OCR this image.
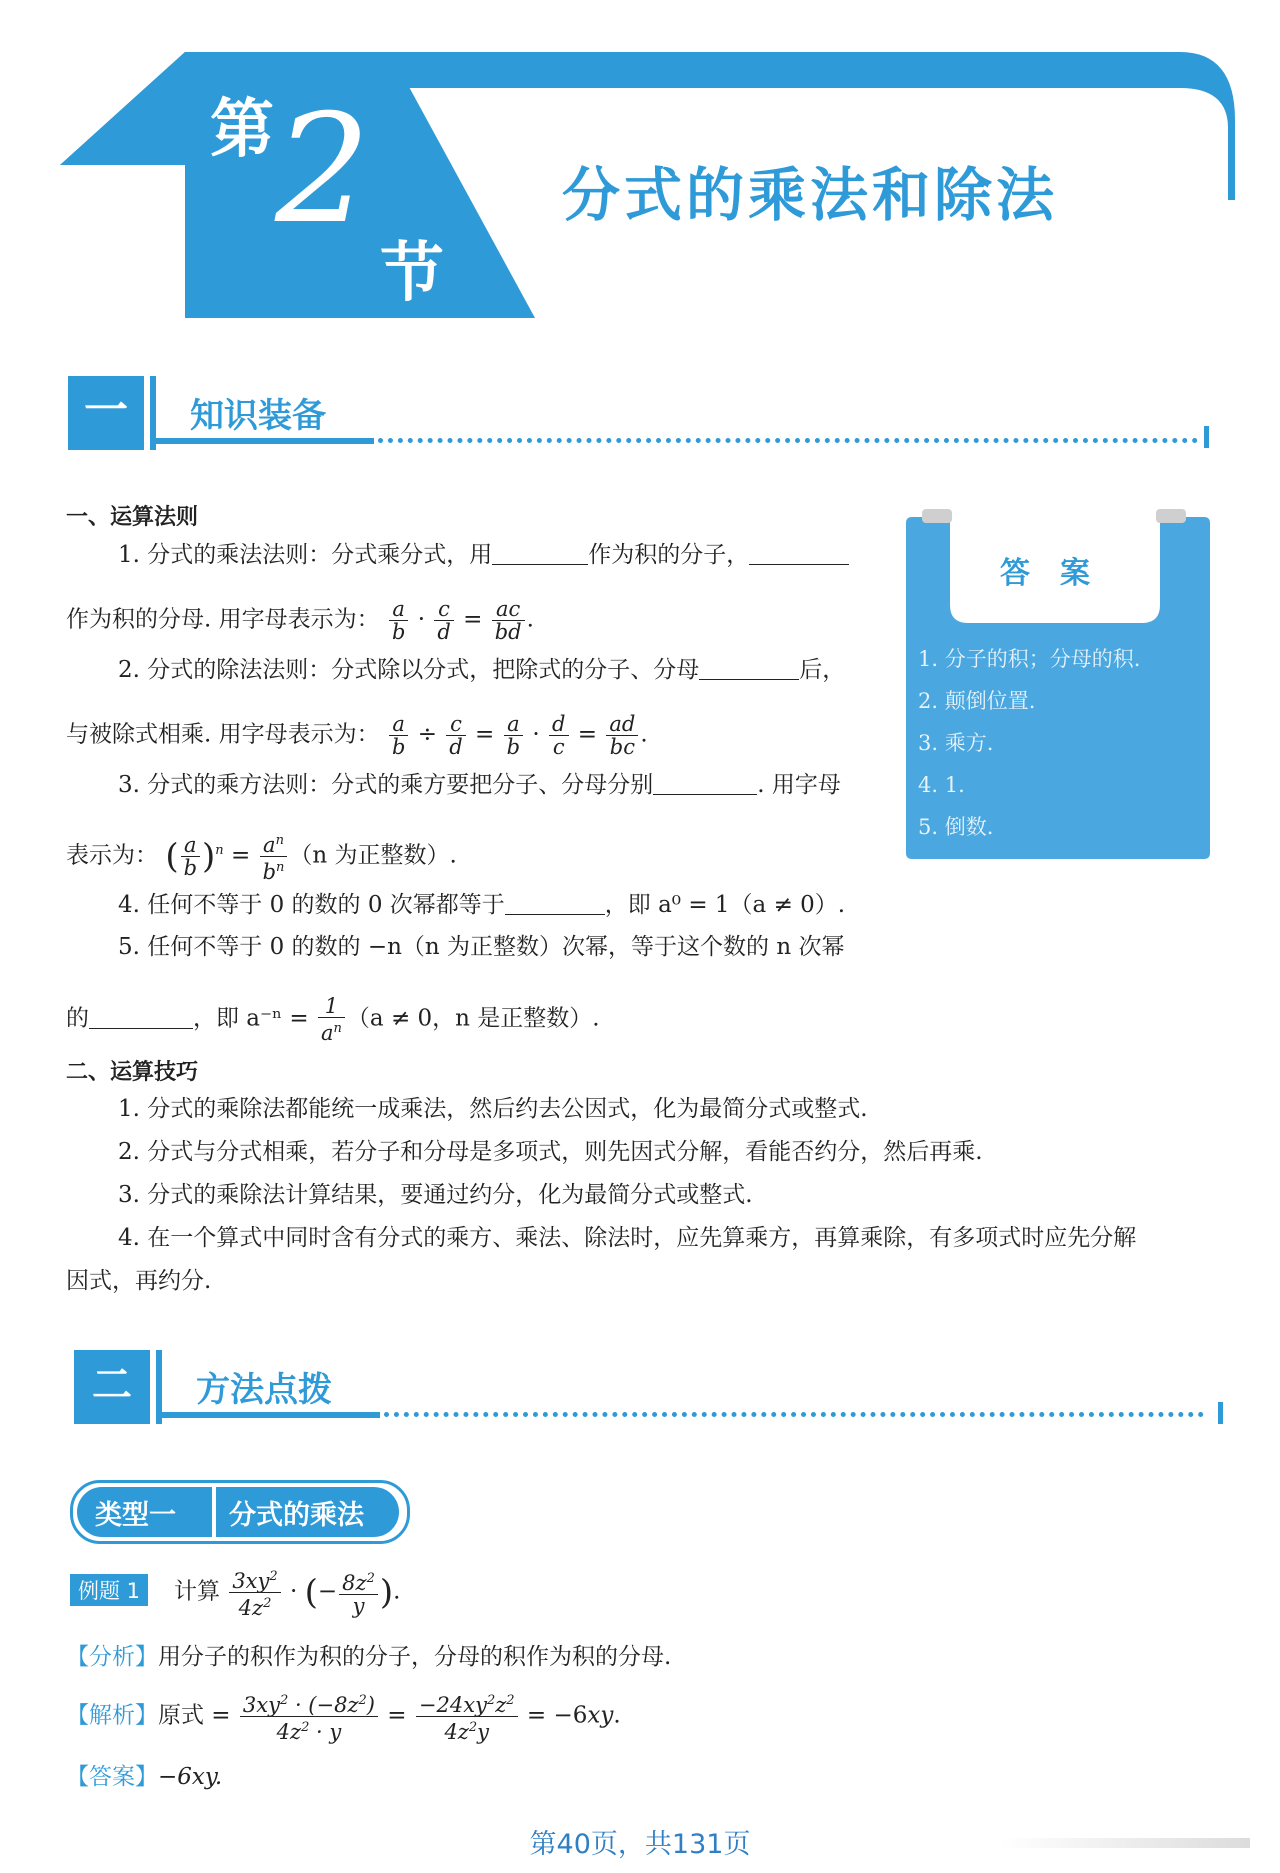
第 2
节
分式的乘法和除法
一	知识装备
一、运算法则
1. 分式的乘法法则：分式乘分式，用	作为积的分子，
作为积的分母. 用字母表示为： $\frac{a}{b} \cdot \frac{c}{d} = \frac{ac}{bd}$ .
2. 分式的除法法则：分式除以分式，把除式的分子、分母	后，
与被除式相乘. 用字母表示为： $\frac{a}{b} \div \frac{c}{d} = \frac{a}{b} \cdot \frac{d}{c} = \frac{ad}{bc}$ .
3. 分式的乘方法则：分式的乘方要把分子、分母分别	. 用字母
表示为： ( $\frac{a}{b} )^n = \frac{a^n}{b^n} (n$ 为正整数）.
4. 任何不等于 0 的数的 0 次幂都等于	，即 a⁰ = 1（a ≠ 0）.
5. 任何不等于 0 的数的 −n（n 为正整数）次幂，等于这个数的 n 次幂
的	，即 $a^{-n} = \frac{1}{a^n} (a \ne 0$，n 是正整数）.
答　案
1. 分子的积；分母的积.
2. 颠倒位置.
3. 乘方.
4. 1.
5. 倒数.
二、运算技巧
1. 分式的乘除法都能统一成乘法，然后约去公因式，化为最简分式或整式.
2. 分式与分式相乘，若分子和分母是多项式，则先因式分解，看能否约分，然后再乘.
3. 分式的乘除法计算结果，要通过约分，化为最简分式或整式.
4. 在一个算式中同时含有分式的乘方、乘法、除法时，应先算乘方，再算乘除，有多项式时应先分解
因式，再约分.
二	方法点拨
类型一 分式的乘法
例题 1	计算 $\frac{3xy^2}{4z^2}$ · (− $\frac{8z^2}{y}$ ).
【分析】用分子的积作为积的分子，分母的积作为积的分母.
【解析】原式 = $\frac{3xy^2 \cdot (-8z^2)}{4z^2 \cdot y} = \frac{-24xy^2z^2}{4z^2y} = -6xy$.
【答案】−6xy.
第40页，共131页
